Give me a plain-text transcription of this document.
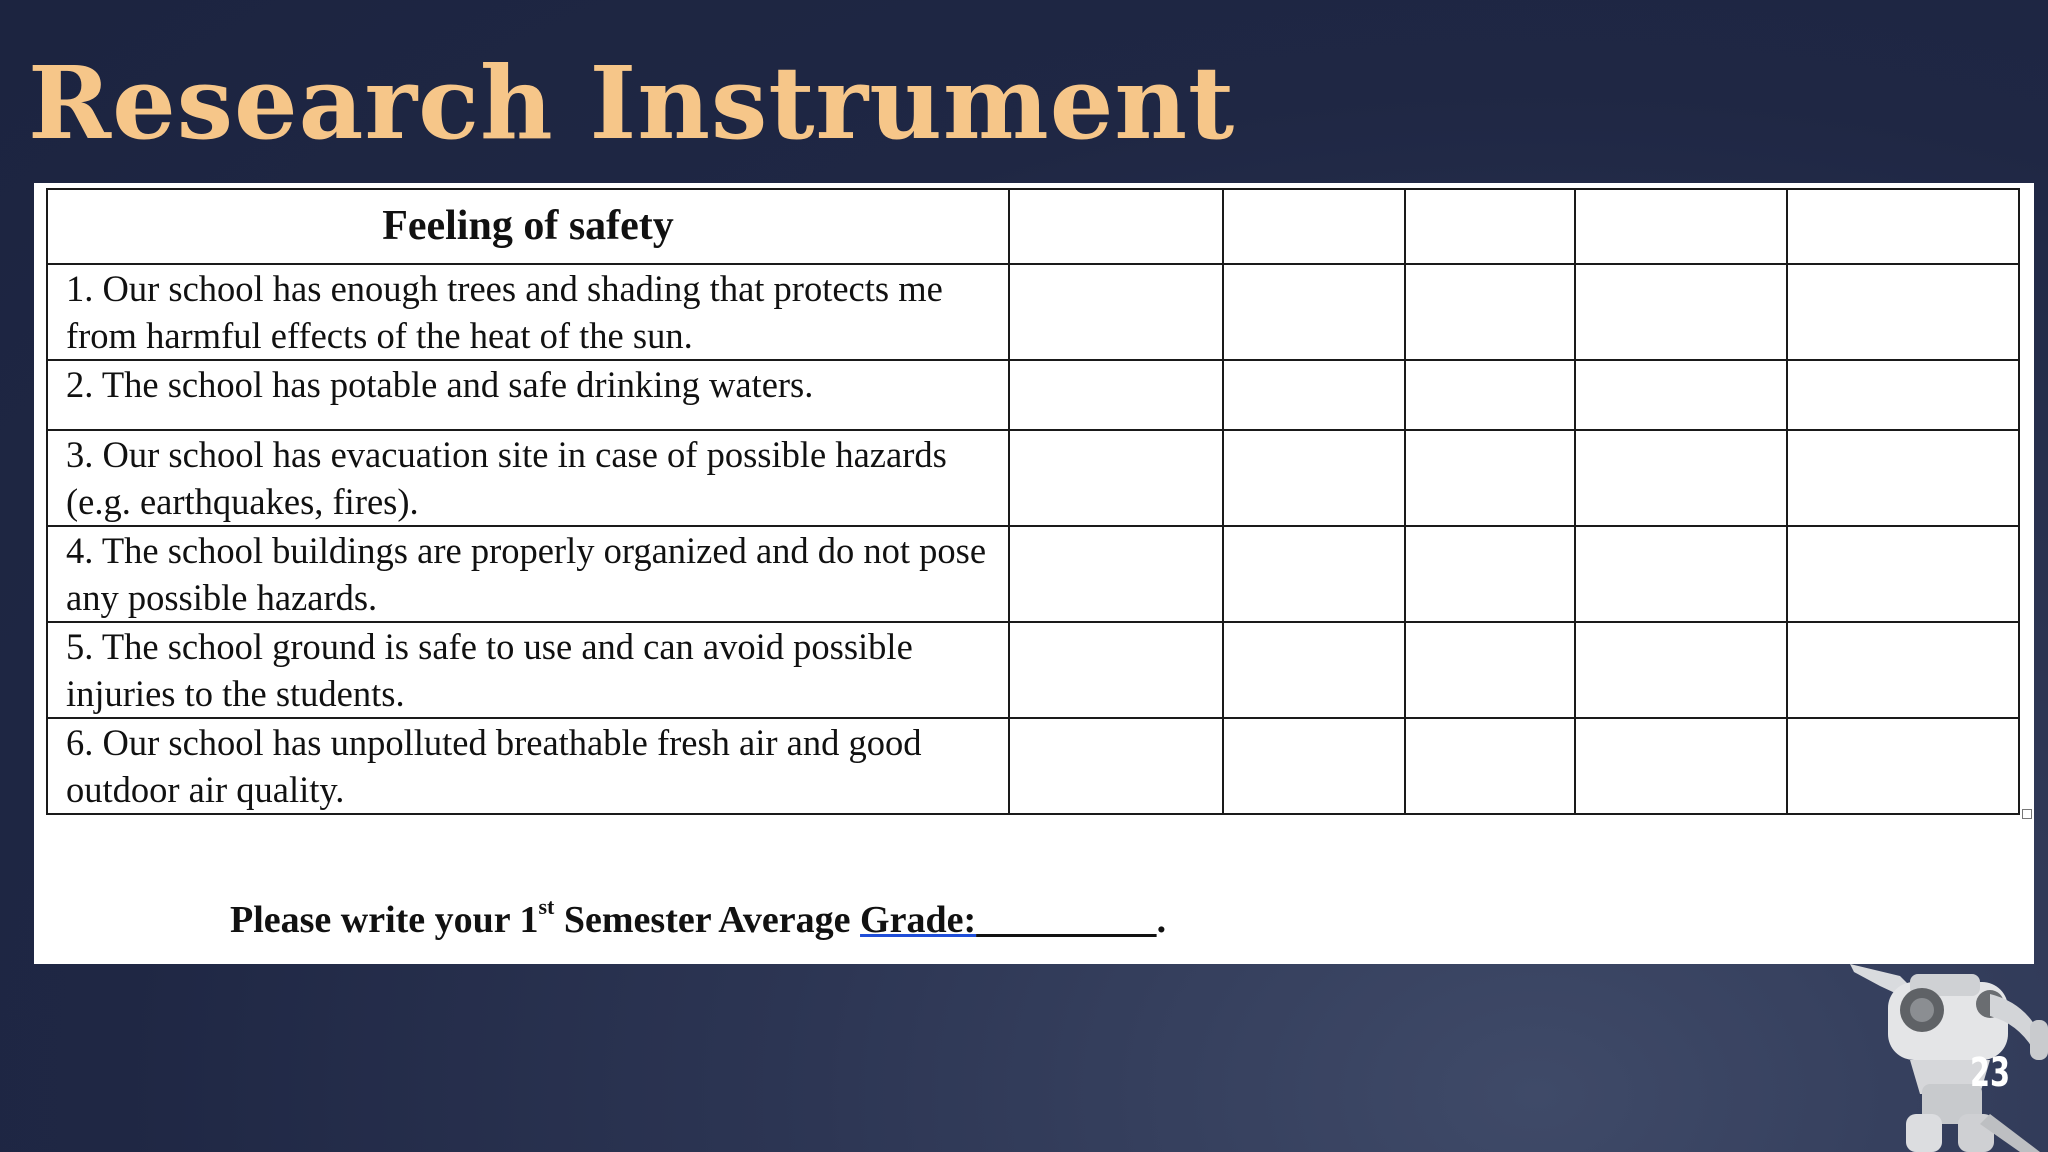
Research Instrument

Feeling of safety					
1. Our school has enough trees and shading that protects me from harmful effects of the heat of the sun.					
2. The school has potable and safe drinking waters.					
3. Our school has evacuation site in case of possible hazards (e.g. earthquakes, fires).					
4. The school buildings are properly organized and do not pose any possible hazards.					
5. The school ground is safe to use and can avoid possible injuries to the students.					
6. Our school has unpolluted breathable fresh air and good outdoor air quality.					
Please write your 1st Semester Average Grade:	.
23
